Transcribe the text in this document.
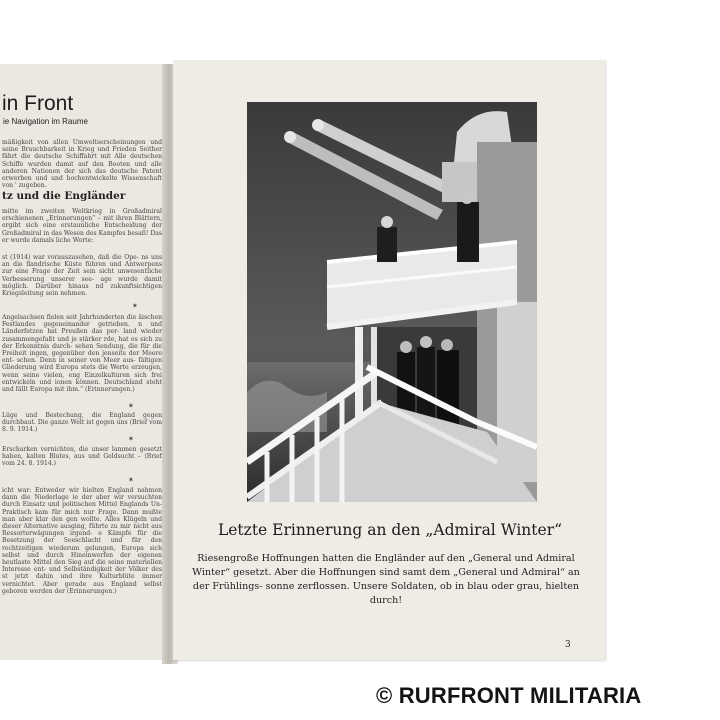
in Front
ie Navigation im Raume
mäßigkeit von allen Umweltserscheinungen und seine Brauchbarkeit in Krieg und Frieden Seither fährt die deutsche Schiffahrt mit Alle deutschen Schiffe wurden damit auf den Booten und alle anderen Nationen der sich das deutsche Patent erwerben und und hochentwickelte Wissenschaft von ' zugeben.
tz und die Engländer
mitte im zweiten Weltkrieg in Großadmiral erschienenen „Erinnerungen“ – mit ihren Blättern, ergibt sich eine erstaunliche Entscheidung der Großadmiral in das Wesen des Kampfes besaß! Das er wurde damals liche Worte:
st (1914) war vorauszusehen, daß die Ope- ns uns an die flandrische Küste führen und Antwerpens zur eine Frage der Zeit sein sicht unwesentliche Verbesserung unserer see- age wurde damit möglich. Darüber hinaus nd zukunftsichtigen Kriegsleitung sein nehmen.
✶
Angelsachsen fielen seit Jahrhunderten die äischen Festlandes gegeneinander getrieben. n und Länderfetzen hat Preußen das per- land wieder zusammengefaßt und je stärker rde, hat es sich zu der Erkenntnis durch- sehen Sendung, die für die Freiheit ingen, gegenüber den jenseits der Meere ent- schen. Denn in seiner von Meer aus- fältigen Gliederung wird Europa stets die Werte erzeugen, wenn seine vielen, eng Einzelkulturen sich frei entwickeln und ionen können. Deutschland steht und fällt Europa mit ihm.“ (Erinnerungen.)
✶
Lüge und Bestechung, die England gegen durchbaut. Die ganze Welt ist gegen uns (Brief vom 8. 9. 1914.)
✶
Erscharken vernichten, die unser lammen gesetzt haben, kalten Blutes, aus und Geldsucht – (Brief vom 24. 8. 1914.)
✶
icht war: Entweder wir hielten England nahmen dann die Niederlage ie der aber wir versuchten durch Einsatz und politischen Mittel Englands Un- Praktisch kam für mich nur Frage. Dann mußte man aber klar den gen wollte. Alles Klügeln und dieser Alternative ausging, führte zu mir nicht aus Ressorterwägungen irgend- e Kämpfe für die Besetzung der Seeschlacht und für den rechtzeitigen wiederum gelungen, Europa sich selbst und durch Hineinwerfen der eigenen heutlaste Mittel den Sieg auf die seine materiellen Interesse ent- und Selbständigkeit der Völker des st jetzt dahin und ihre Kulturblüte immer vernichtet. Aber gerade aus England selbst geboren werden der (Erinnerungen.)
Letzte Erinnerung an den „Admiral Winter“
Riesengroße Hoffnungen hatten die Engländer auf den „General und Admiral Winter“ gesetzt. Aber die Hoffnungen sind samt dem „General und Admiral“ an der Frühlings- sonne zerflossen. Unsere Soldaten, ob in blau oder grau, hielten durch!
3
© RURFRONT MILITARIA
